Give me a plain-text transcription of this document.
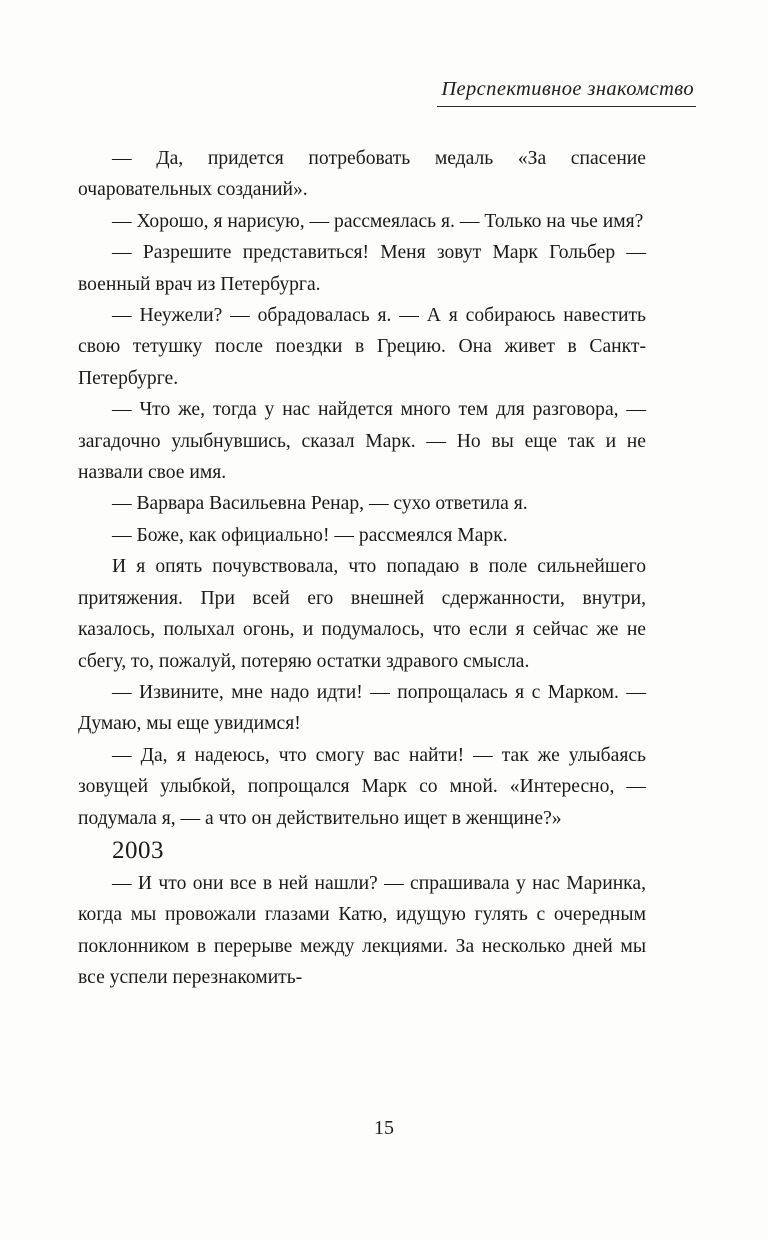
Перспективное знакомство

— Да, придется потребовать медаль «За спасение очаровательных созданий».

— Хорошо, я нарисую, — рассмеялась я. — Только на чье имя?

— Разрешите представиться! Меня зовут Марк Гольбер — военный врач из Петербурга.

— Неужели? — обрадовалась я. — А я собираюсь навестить свою тетушку после поездки в Грецию. Она живет в Санкт-Петербурге.

— Что же, тогда у нас найдется много тем для разговора, — загадочно улыбнувшись, сказал Марк. — Но вы еще так и не назвали свое имя.

— Варвара Васильевна Ренар, — сухо ответила я.

— Боже, как официально! — рассмеялся Марк.

И я опять почувствовала, что попадаю в поле сильнейшего притяжения. При всей его внешней сдержанности, внутри, казалось, полыхал огонь, и подумалось, что если я сейчас же не сбегу, то, пожалуй, потеряю остатки здравого смысла.

— Извините, мне надо идти! — попрощалась я с Марком. — Думаю, мы еще увидимся!

— Да, я надеюсь, что смогу вас найти! — так же улыбаясь зовущей улыбкой, попрощался Марк со мной. «Интересно, — подумала я, — а что он действительно ищет в женщине?»

2003

— И что они все в ней нашли? — спрашивала у нас Маринка, когда мы провожали глазами Катю, идущую гулять с очередным поклонником в перерыве между лекциями. За несколько дней мы все успели перезнакомить-

15
